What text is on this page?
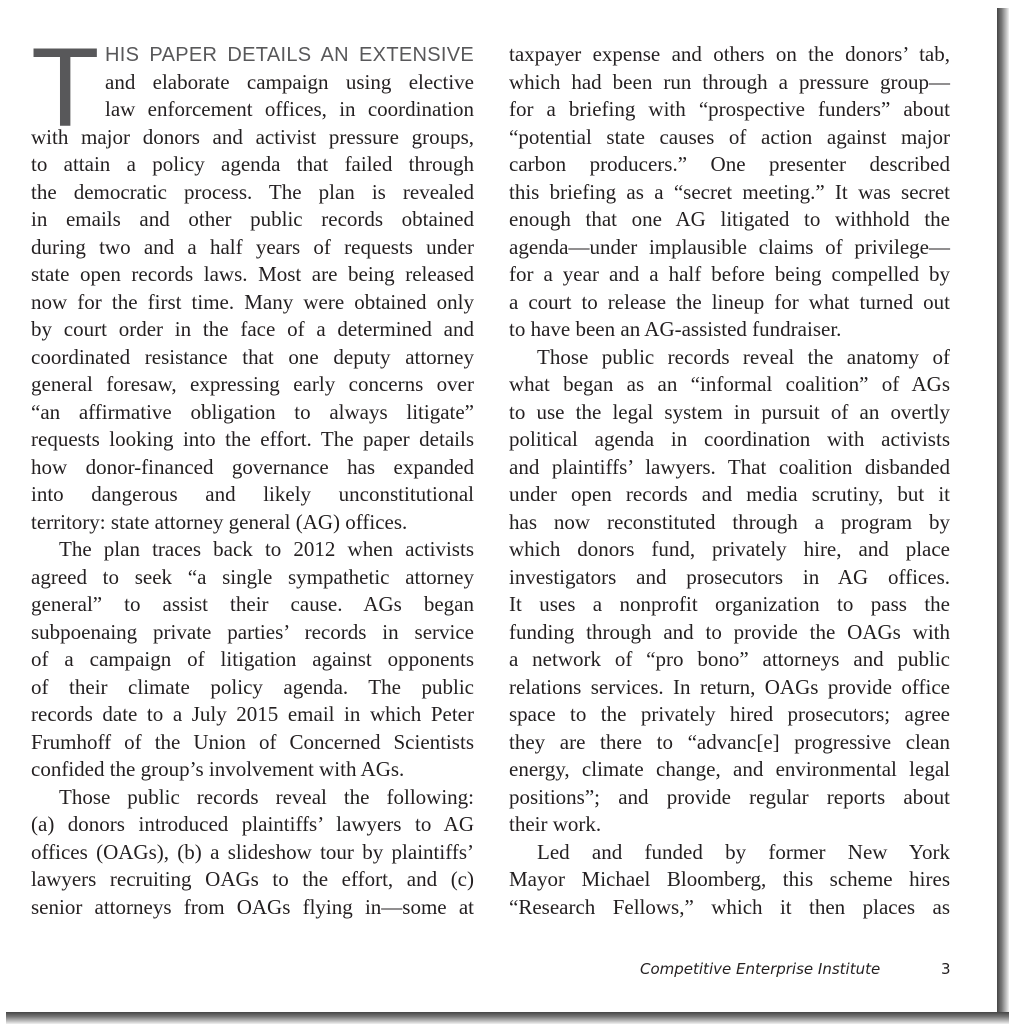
T HIS PAPER DETAILS AN EXTENSIVE
and elaborate campaign using elective
law enforcement offices, in coordination
with major donors and activist pressure groups,
to attain a policy agenda that failed through
the democratic process. The plan is revealed
in emails and other public records obtained
during two and a half years of requests under
state open records laws. Most are being released
now for the first time. Many were obtained only
by court order in the face of a determined and
coordinated resistance that one deputy attorney
general foresaw, expressing early concerns over
“an affirmative obligation to always litigate”
requests looking into the effort. The paper details
how donor-financed governance has expanded
into dangerous and likely unconstitutional
territory: state attorney general (AG) offices.
The plan traces back to 2012 when activists
agreed to seek “a single sympathetic attorney
general” to assist their cause. AGs began
subpoenaing private parties’ records in service
of a campaign of litigation against opponents
of their climate policy agenda. The public
records date to a July 2015 email in which Peter
Frumhoff of the Union of Concerned Scientists
confided the group’s involvement with AGs.
Those public records reveal the following:
(a) donors introduced plaintiffs’ lawyers to AG
offices (OAGs), (b) a slideshow tour by plaintiffs’
lawyers recruiting OAGs to the effort, and (c)
senior attorneys from OAGs flying in—some at
taxpayer expense and others on the donors’ tab,
which had been run through a pressure group—
for a briefing with “prospective funders” about
“potential state causes of action against major
carbon producers.” One presenter described
this briefing as a “secret meeting.” It was secret
enough that one AG litigated to withhold the
agenda—under implausible claims of privilege—
for a year and a half before being compelled by
a court to release the lineup for what turned out
to have been an AG-assisted fundraiser.
Those public records reveal the anatomy of
what began as an “informal coalition” of AGs
to use the legal system in pursuit of an overtly
political agenda in coordination with activists
and plaintiffs’ lawyers. That coalition disbanded
under open records and media scrutiny, but it
has now reconstituted through a program by
which donors fund, privately hire, and place
investigators and prosecutors in AG offices.
It uses a nonprofit organization to pass the
funding through and to provide the OAGs with
a network of “pro bono” attorneys and public
relations services. In return, OAGs provide office
space to the privately hired prosecutors; agree
they are there to “advanc[e] progressive clean
energy, climate change, and environmental legal
positions”; and provide regular reports about
their work.
Led and funded by former New York
Mayor Michael Bloomberg, this scheme hires
“Research Fellows,” which it then places as
Competitive Enterprise Institute	3
